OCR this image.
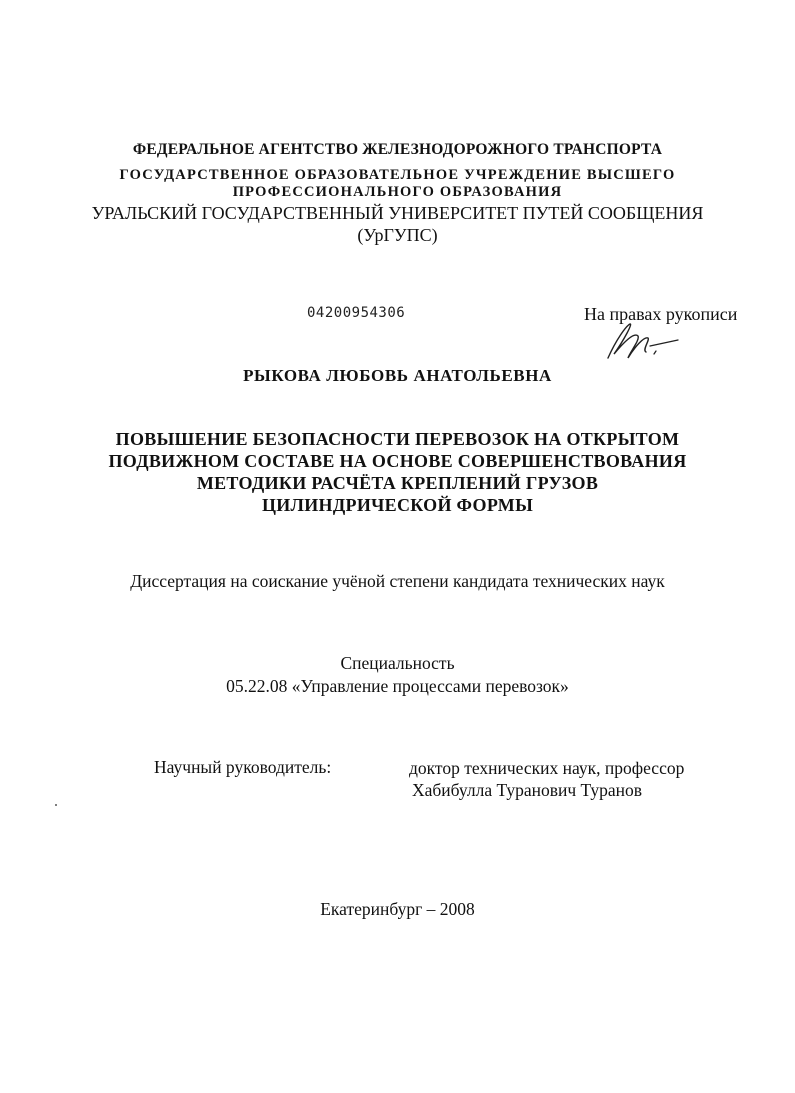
ФЕДЕРАЛЬНОЕ АГЕНТСТВО ЖЕЛЕЗНОДОРОЖНОГО ТРАНСПОРТА
ГОСУДАРСТВЕННОЕ ОБРАЗОВАТЕЛЬНОЕ УЧРЕЖДЕНИЕ ВЫСШЕГО
ПРОФЕССИОНАЛЬНОГО ОБРАЗОВАНИЯ
УРАЛЬСКИЙ ГОСУДАРСТВЕННЫЙ УНИВЕРСИТЕТ ПУТЕЙ СООБЩЕНИЯ
(УрГУПС)
04200954306	На правах рукописи
РЫКОВА ЛЮБОВЬ АНАТОЛЬЕВНА
ПОВЫШЕНИЕ БЕЗОПАСНОСТИ ПЕРЕВОЗОК НА ОТКРЫТОМ
ПОДВИЖНОМ СОСТАВЕ НА ОСНОВЕ СОВЕРШЕНСТВОВАНИЯ
МЕТОДИКИ РАСЧЁТА КРЕПЛЕНИЙ ГРУЗОВ
ЦИЛИНДРИЧЕСКОЙ ФОРМЫ
Диссертация на соискание учёной степени кандидата технических наук
Специальность
05.22.08 «Управление процессами перевозок»
Научный руководитель:	доктор технических наук, профессор
Хабибулла Туранович Туранов
Екатеринбург – 2008
